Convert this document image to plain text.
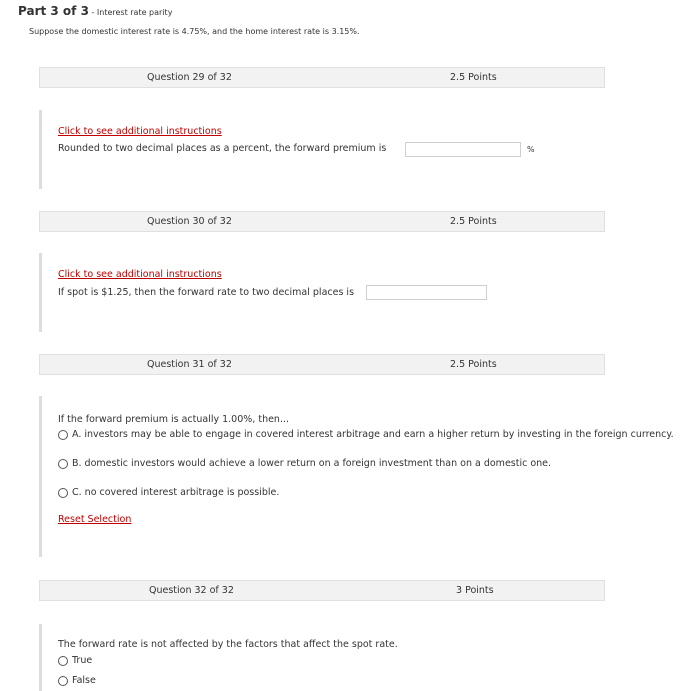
Part 3 of 3 - Interest rate parity
Suppose the domestic interest rate is 4.75%, and the home interest rate is 3.15%.
Question 29 of 32	2.5 Points
Click to see additional instructions
Rounded to two decimal places as a percent, the forward premium is	%
Question 30 of 32	2.5 Points
Click to see additional instructions
If spot is $1.25, then the forward rate to two decimal places is
Question 31 of 32	2.5 Points
If the forward premium is actually 1.00%, then...
A. investors may be able to engage in covered interest arbitrage and earn a higher return by investing in the foreign currency.
B. domestic investors would achieve a lower return on a foreign investment than on a domestic one.
C. no covered interest arbitrage is possible.
Reset Selection
Question 32 of 32	3 Points
The forward rate is not affected by the factors that affect the spot rate.
True
False
